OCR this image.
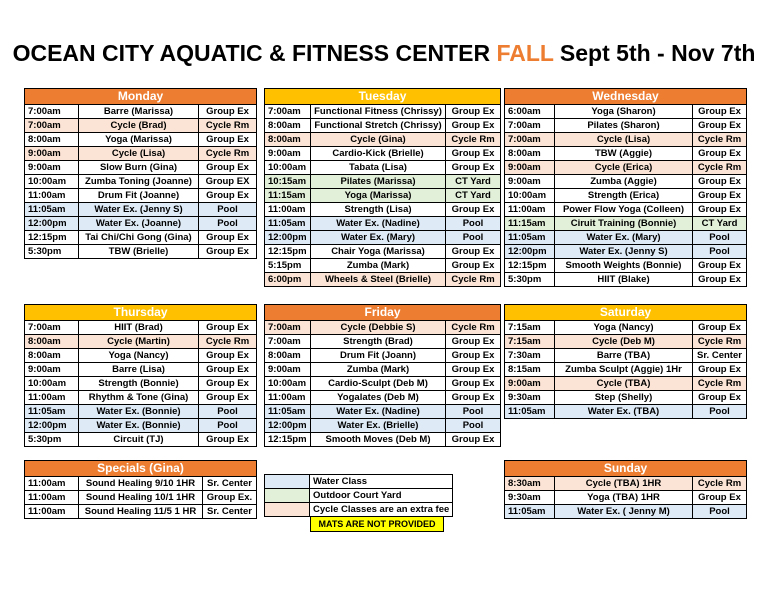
OCEAN CITY AQUATIC & FITNESS CENTER FALL Sept 5th - Nov 7th
Monday		
7:00am	Barre (Marissa)	Group Ex
7:00am	Cycle (Brad)	Cycle Rm
8:00am	Yoga (Marissa)	Group Ex
9:00am	Cycle (Lisa)	Cycle Rm
9:00am	Slow Burn (Gina)	Group Ex
10:00am	Zumba Toning (Joanne)	Group EX
11:00am	Drum Fit (Joanne)	Group Ex
11:05am	Water Ex. (Jenny S)	Pool
12:00pm	Water Ex. (Joanne)	Pool
12:15pm	Tai Chi/Chi Gong (Gina)	Group Ex
5:30pm	TBW (Brielle)	Group Ex
Tuesday		
7:00am	Functional Fitness (Chrissy)	Group Ex
8:00am	Functional Stretch (Chrissy)	Group Ex
8:00am	Cycle (Gina)	Cycle Rm
9:00am	Cardio-Kick (Brielle)	Group Ex
10:00am	Tabata (Lisa)	Group Ex
10:15am	Pilates (Marissa)	CT Yard
11:15am	Yoga (Marissa)	CT Yard
11:00am	Strength (Lisa)	Group Ex
11:05am	Water Ex. (Nadine)	Pool
12:00pm	Water Ex. (Mary)	Pool
12:15pm	Chair Yoga (Marissa)	Group Ex
5:15pm	Zumba (Mark)	Group Ex
6:00pm	Wheels & Steel (Brielle)	Cycle Rm
Wednesday		
6:00am	Yoga (Sharon)	Group Ex
7:00am	Pilates (Sharon)	Group Ex
7:00am	Cycle (Lisa)	Cycle Rm
8:00am	TBW (Aggie)	Group Ex
9:00am	Cycle (Erica)	Cycle Rm
9:00am	Zumba (Aggie)	Group Ex
10:00am	Strength (Erica)	Group Ex
11:00am	Power Flow Yoga (Colleen)	Group Ex
11:15am	Ciruit Training (Bonnie)	CT Yard
11:05am	Water Ex. (Mary)	Pool
12:00pm	Water Ex. (Jenny S)	Pool
12:15pm	Smooth Weights (Bonnie)	Group Ex
5:30pm	HIIT (Blake)	Group Ex
Thursday		
7:00am	HIIT (Brad)	Group Ex
8:00am	Cycle (Martin)	Cycle Rm
8:00am	Yoga (Nancy)	Group Ex
9:00am	Barre (Lisa)	Group Ex
10:00am	Strength (Bonnie)	Group Ex
11:00am	Rhythm & Tone (Gina)	Group Ex
11:05am	Water Ex. (Bonnie)	Pool
12:00pm	Water Ex. (Bonnie)	Pool
5:30pm	Circuit (TJ)	Group Ex
Friday		
7:00am	Cycle (Debbie S)	Cycle Rm
7:00am	Strength (Brad)	Group Ex
8:00am	Drum Fit (Joann)	Group Ex
9:00am	Zumba (Mark)	Group Ex
10:00am	Cardio-Sculpt (Deb M)	Group Ex
11:00am	Yogalates (Deb M)	Group Ex
11:05am	Water Ex. (Nadine)	Pool
12:00pm	Water Ex. (Brielle)	Pool
12:15pm	Smooth Moves (Deb M)	Group Ex
Saturday		
7:15am	Yoga (Nancy)	Group Ex
7:15am	Cycle (Deb M)	Cycle Rm
7:30am	Barre (TBA)	Sr. Center
8:15am	Zumba Sculpt (Aggie) 1Hr	Group Ex
9:00am	Cycle (TBA)	Cycle Rm
9:30am	Step (Shelly)	Group Ex
11:05am	Water Ex. (TBA)	Pool
Specials (Gina)		
11:00am	Sound Healing 9/10 1HR	Sr. Center
11:00am	Sound Healing 10/1 1HR	Group Ex.
11:00am	Sound Healing 11/5 1 HR	Sr. Center
Sunday		
8:30am	Cycle (TBA) 1HR	Cycle Rm
9:30am	Yoga (TBA) 1HR	Group Ex
11:05am	Water Ex. ( Jenny M)	Pool
	Water Class
	Outdoor Court Yard
	Cycle Classes are an extra fee
MATS ARE NOT PROVIDED
